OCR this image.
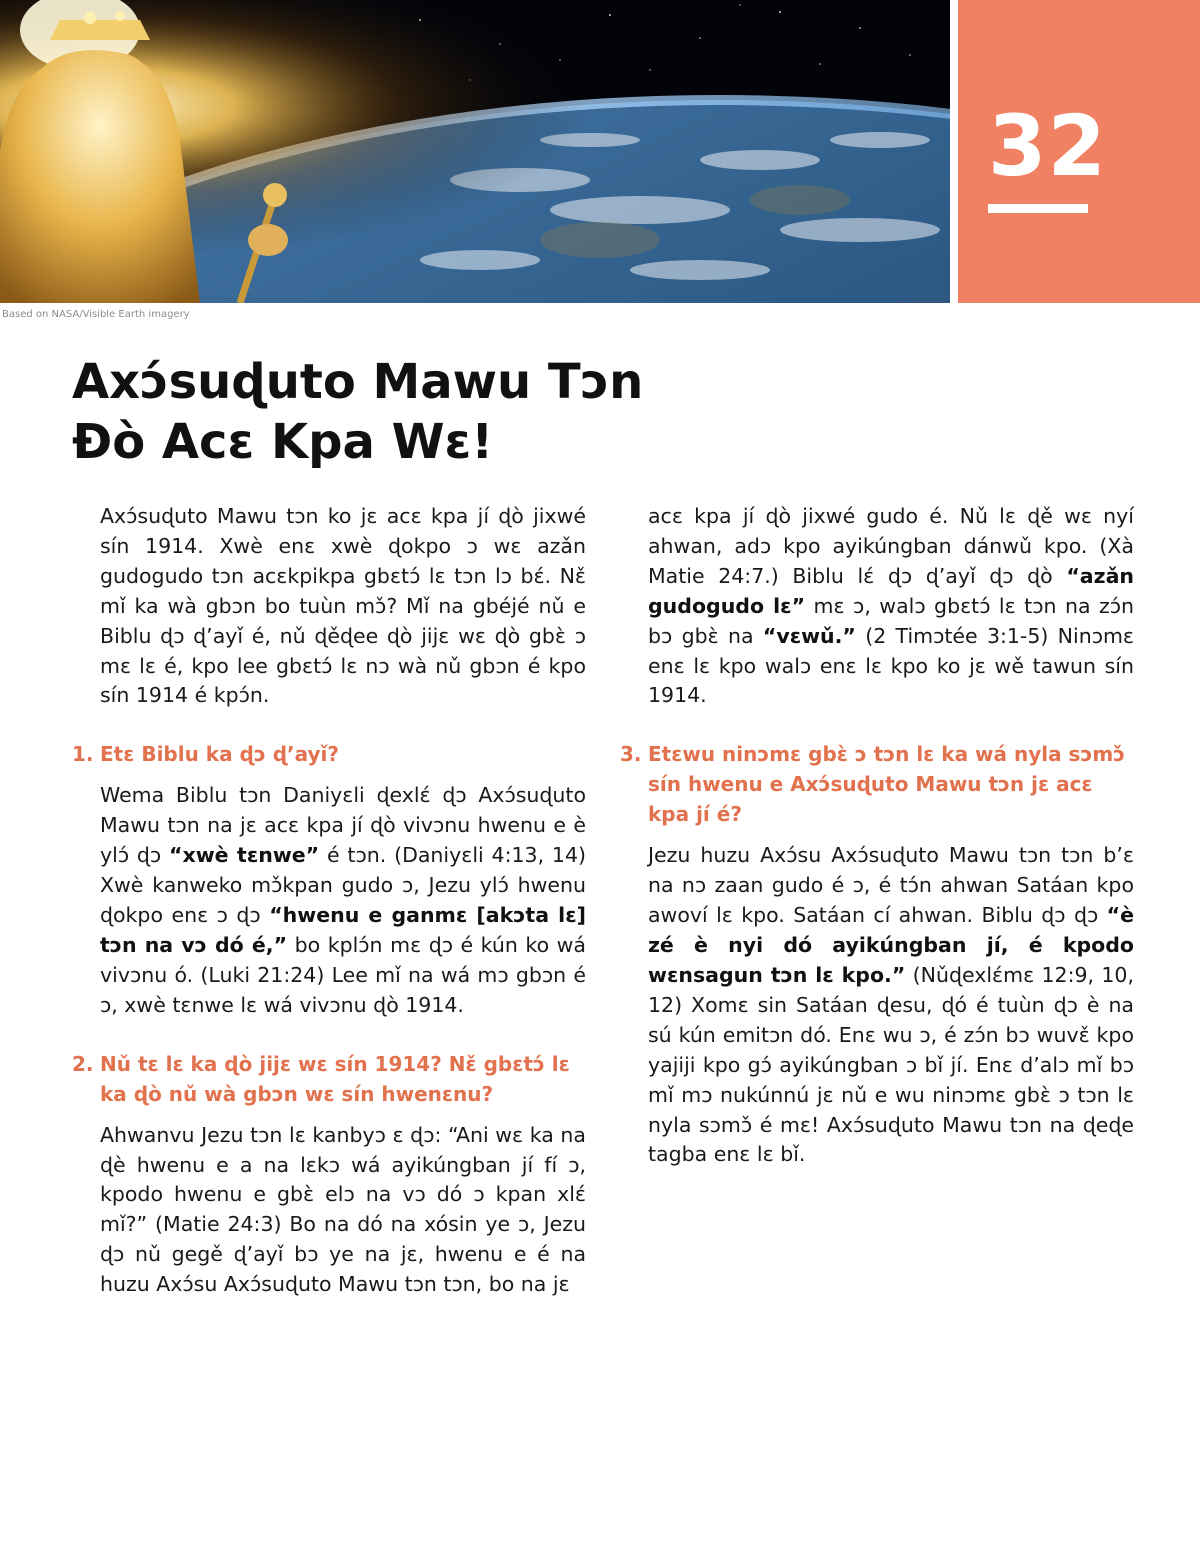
32
Based on NASA/Visible Earth imagery
Axɔ́suɖuto Mawu Tɔn
Ðò Acɛ Kpa Wɛ!

Axɔ́suɖuto Mawu tɔn ko jɛ acɛ kpa jí ɖò jixwé sín 1914. Xwè enɛ xwè ɖokpo ɔ wɛ azǎn gudogudo tɔn acɛkpikpa gbɛtɔ́ lɛ tɔn lɔ bɛ́. Nɛ̌ mǐ ka wà gbɔn bo tuùn mɔ̌? Mǐ na gbéjé nǔ e Biblu ɖɔ ɖ’ayǐ é, nǔ ɖěɖee ɖò jijɛ wɛ ɖò gbɛ̀ ɔ mɛ lɛ é, kpo lee gbɛtɔ́ lɛ nɔ wà nǔ gbɔn é kpo sín 1914 é kpɔ́n.

1. Etɛ Biblu ka ɖɔ ɖ’ayǐ?

Wema Biblu tɔn Daniyɛli ɖexlɛ́ ɖɔ Axɔ́suɖuto Mawu tɔn na jɛ acɛ kpa jí ɖò vivɔnu hwenu e è ylɔ́ ɖɔ “xwè tɛnwe” é tɔn. (Daniyɛli 4:13, 14) Xwè kanweko mɔ̌kpan gudo ɔ, Jezu ylɔ́ hwenu ɖokpo enɛ ɔ ɖɔ “hwenu e ganmɛ [akɔta lɛ] tɔn na vɔ dó é,” bo kplɔ́n mɛ ɖɔ é kún ko wá vivɔnu ó. (Luki 21:24) Lee mǐ na wá mɔ gbɔn é ɔ, xwè tɛnwe lɛ wá vivɔnu ɖò 1914.

2. Nǔ tɛ lɛ ka ɖò jijɛ wɛ sín 1914? Nɛ̌ gbɛtɔ́ lɛ ka ɖò nǔ wà gbɔn wɛ sín hwenɛnu?

Ahwanvu Jezu tɔn lɛ kanbyɔ ɛ ɖɔ: “Ani wɛ ka na ɖè hwenu e a na lɛkɔ wá ayikúngban jí fí ɔ, kpodo hwenu e gbɛ̀ elɔ na vɔ dó ɔ kpan xlɛ́ mǐ?” (Matie 24:3) Bo na dó na xósin ye ɔ, Jezu ɖɔ nǔ gegě ɖ’ayǐ bɔ ye na jɛ, hwenu e é na huzu Axɔ́su Axɔ́suɖuto Mawu tɔn tɔn, bo na jɛ

acɛ kpa jí ɖò jixwé gudo é. Nǔ lɛ ɖě wɛ nyí ahwan, adɔ kpo ayikúngban dánwǔ kpo. (Xà Matie 24:7.) Biblu lɛ́ ɖɔ ɖ’ayǐ ɖɔ ɖò “azǎn gudogudo lɛ” mɛ ɔ, walɔ gbɛtɔ́ lɛ tɔn na zɔ́n bɔ gbɛ̀ na “vɛwǔ.” (2 Timɔtée 3:1-5) Ninɔmɛ enɛ lɛ kpo walɔ enɛ lɛ kpo ko jɛ wě tawun sín 1914.

3. Etɛwu ninɔmɛ gbɛ̀ ɔ tɔn lɛ ka wá nyla sɔmɔ̌ sín hwenu e Axɔ́suɖuto Mawu tɔn jɛ acɛ kpa jí é?

Jezu huzu Axɔ́su Axɔ́suɖuto Mawu tɔn tɔn b’ɛ na nɔ zaan gudo é ɔ, é tɔ́n ahwan Satáan kpo awoví lɛ kpo. Satáan cí ahwan. Biblu ɖɔ ɖɔ “è zé è nyi dó ayikúngban jí, é kpodo wɛnsagun tɔn lɛ kpo.” (Nǔɖexlɛ́mɛ 12:9, 10, 12) Xomɛ sin Satáan ɖesu, ɖó é tuùn ɖɔ è na sú kún emitɔn dó. Enɛ wu ɔ, é zɔ́n bɔ wuvɛ̌ kpo yajiji kpo gɔ́ ayikúngban ɔ bǐ jí. Enɛ d’alɔ mǐ bɔ mǐ mɔ nukúnnú jɛ nǔ e wu ninɔmɛ gbɛ̀ ɔ tɔn lɛ nyla sɔmɔ̌ é mɛ! Axɔ́suɖuto Mawu tɔn na ɖeɖe tagba enɛ lɛ bǐ.
